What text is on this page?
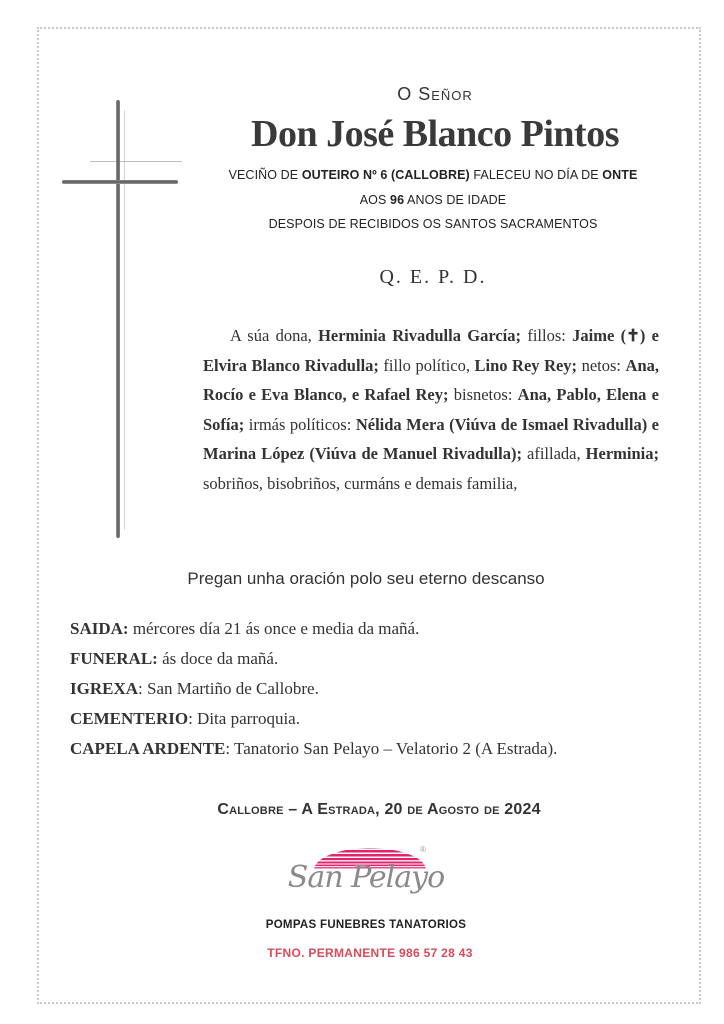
O Señor
Don José Blanco Pintos
VECIÑO DE OUTEIRO Nº 6 (CALLOBRE) FALECEU NO DÍA DE ONTE
AOS 96 ANOS DE IDADE
DESPOIS DE RECIBIDOS OS SANTOS SACRAMENTOS
Q. E. P. D.
A súa dona, Herminia Rivadulla García; fillos: Jaime (✝) e Elvira Blanco Rivadulla; fillo político, Lino Rey Rey; netos: Ana, Rocío e Eva Blanco, e Rafael Rey; bisnetos: Ana, Pablo, Elena e Sofía; irmás políticos: Nélida Mera (Viúva de Ismael Rivadulla) e Marina López (Viúva de Manuel Rivadulla); afillada, Herminia; sobriños, bisobriños, curmáns e demais familia,
Pregan unha oración polo seu eterno descanso
SAIDA: mércores día 21 ás once e media da mañá.
FUNERAL: ás doce da mañá.
IGREXA: San Martiño de Callobre.
CEMENTERIO: Dita parroquia.
CAPELA ARDENTE: Tanatorio San Pelayo – Velatorio 2 (A Estrada).
Callobre – A Estrada, 20 de Agosto de 2024
®
San Pelayo
POMPAS FUNEBRES TANATORIOS
TFNO. PERMANENTE 986 57 28 43
